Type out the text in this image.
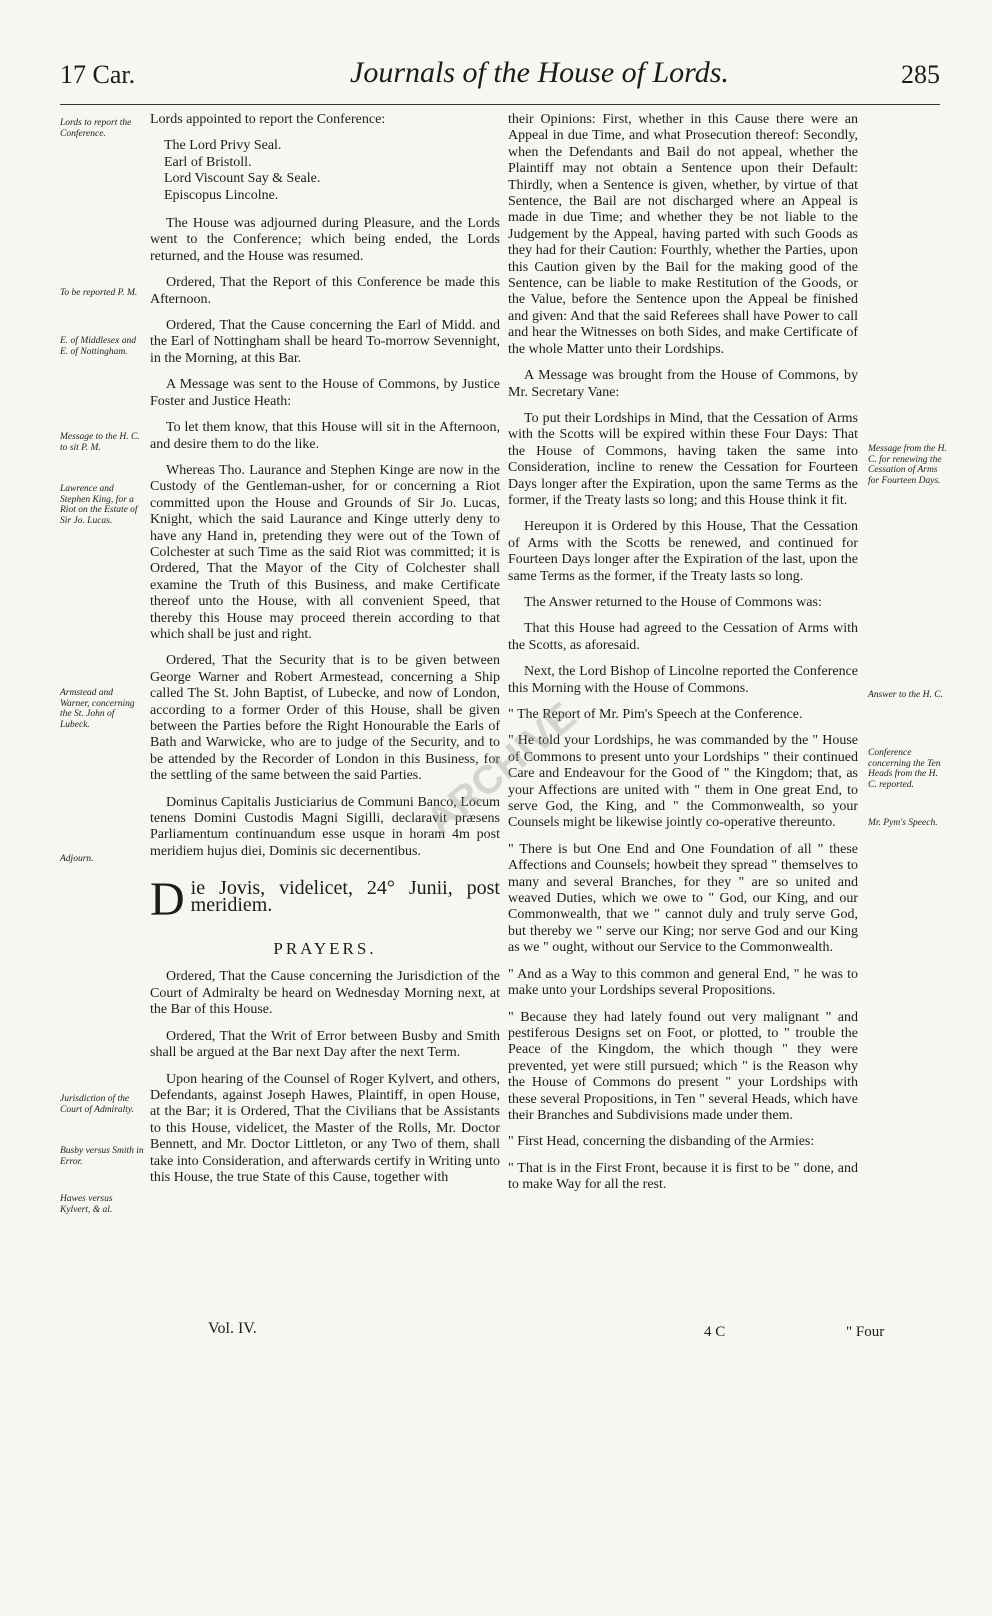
17 Car.	Journals of the House of Lords.	285
Lords to report the Conference.
To be reported P. M.
E. of Middlesex and E. of Nottingham.
Message to the H. C. to sit P. M.
Lawrence and Stephen King, for a Riot on the Estate of Sir Jo. Lucas.
Armstead and Warner, concerning the St. John of Lubeck.
Adjourn.
Jurisdiction of the Court of Admiralty.
Busby versus Smith in Error.
Hawes versus Kylvert, & al.
Message from the H. C. for renewing the Cessation of Arms for Fourteen Days.
Answer to the H. C.
Conference concerning the Ten Heads from the H. C. reported.
Mr. Pym's Speech.

Lords appointed to report the Conference:

The Lord Privy Seal.
Earl of Bristoll.
Lord Viscount Say & Seale.
Episcopus Lincolne.

The House was adjourned during Pleasure, and the Lords went to the Conference; which being ended, the Lords returned, and the House was resumed.

Ordered, That the Report of this Conference be made this Afternoon.

Ordered, That the Cause concerning the Earl of Midd. and the Earl of Nottingham shall be heard To-morrow Sevennight, in the Morning, at this Bar.

A Message was sent to the House of Commons, by Justice Foster and Justice Heath:

To let them know, that this House will sit in the Afternoon, and desire them to do the like.

Whereas Tho. Laurance and Stephen Kinge are now in the Custody of the Gentleman-usher, for or concerning a Riot committed upon the House and Grounds of Sir Jo. Lucas, Knight, which the said Laurance and Kinge utterly deny to have any Hand in, pretending they were out of the Town of Colchester at such Time as the said Riot was committed; it is Ordered, That the Mayor of the City of Colchester shall examine the Truth of this Business, and make Certificate thereof unto the House, with all convenient Speed, that thereby this House may proceed therein according to that which shall be just and right.

Ordered, That the Security that is to be given between George Warner and Robert Armestead, concerning a Ship called The St. John Baptist, of Lubecke, and now of London, according to a former Order of this House, shall be given between the Parties before the Right Honourable the Earls of Bath and Warwicke, who are to judge of the Security, and to be attended by the Recorder of London in this Business, for the settling of the same between the said Parties.

Dominus Capitalis Justiciarius de Communi Banco, Locum tenens Domini Custodis Magni Sigilli, declaravit præsens Parliamentum continuandum esse usque in horam 4m post meridiem hujus diei, Dominis sic decernentibus.

D ie Jovis, videlicet, 24° Junii, post meridiem.
PRAYERS.

Ordered, That the Cause concerning the Jurisdiction of the Court of Admiralty be heard on Wednesday Morning next, at the Bar of this House.

Ordered, That the Writ of Error between Busby and Smith shall be argued at the Bar next Day after the next Term.

Upon hearing of the Counsel of Roger Kylvert, and others, Defendants, against Joseph Hawes, Plaintiff, in open House, at the Bar; it is Ordered, That the Civilians that be Assistants to this House, videlicet, the Master of the Rolls, Mr. Doctor Bennett, and Mr. Doctor Littleton, or any Two of them, shall take into Consideration, and afterwards certify in Writing unto this House, the true State of this Cause, together with

their Opinions: First, whether in this Cause there were an Appeal in due Time, and what Prosecution thereof: Secondly, when the Defendants and Bail do not appeal, whether the Plaintiff may not obtain a Sentence upon their Default: Thirdly, when a Sentence is given, whether, by virtue of that Sentence, the Bail are not discharged where an Appeal is made in due Time; and whether they be not liable to the Judgement by the Appeal, having parted with such Goods as they had for their Caution: Fourthly, whether the Parties, upon this Caution given by the Bail for the making good of the Sentence, can be liable to make Restitution of the Goods, or the Value, before the Sentence upon the Appeal be finished and given: And that the said Referees shall have Power to call and hear the Witnesses on both Sides, and make Certificate of the whole Matter unto their Lordships.

A Message was brought from the House of Commons, by Mr. Secretary Vane:

To put their Lordships in Mind, that the Cessation of Arms with the Scotts will be expired within these Four Days: That the House of Commons, having taken the same into Consideration, incline to renew the Cessation for Fourteen Days longer after the Expiration, upon the same Terms as the former, if the Treaty lasts so long; and this House think it fit.

Hereupon it is Ordered by this House, That the Cessation of Arms with the Scotts be renewed, and continued for Fourteen Days longer after the Expiration of the last, upon the same Terms as the former, if the Treaty lasts so long.

The Answer returned to the House of Commons was:

That this House had agreed to the Cessation of Arms with the Scotts, as aforesaid.

Next, the Lord Bishop of Lincolne reported the Conference this Morning with the House of Commons.

" The Report of Mr. Pim's Speech at the Conference.

" He told your Lordships, he was commanded by the " House of Commons to present unto your Lordships " their continued Care and Endeavour for the Good of " the Kingdom; that, as your Affections are united with " them in One great End, to serve God, the King, and " the Commonwealth, so your Counsels might be likewise jointly co-operative thereunto.

" There is but One End and One Foundation of all " these Affections and Counsels; howbeit they spread " themselves to many and several Branches, for they " are so united and weaved Duties, which we owe to " God, our King, and our Commonwealth, that we " cannot duly and truly serve God, but thereby we " serve our King; nor serve God and our King as we " ought, without our Service to the Commonwealth.

" And as a Way to this common and general End, " he was to make unto your Lordships several Propositions.

" Because they had lately found out very malignant " and pestiferous Designs set on Foot, or plotted, to " trouble the Peace of the Kingdom, the which though " they were prevented, yet were still pursued; which " is the Reason why the House of Commons do present " your Lordships with these several Propositions, in Ten " several Heads, which have their Branches and Subdivisions made under them.

" First Head, concerning the disbanding of the Armies:

" That is in the First Front, because it is first to be " done, and to make Way for all the rest.

Vol. IV.	4 C	" Four
ARCHIVE
